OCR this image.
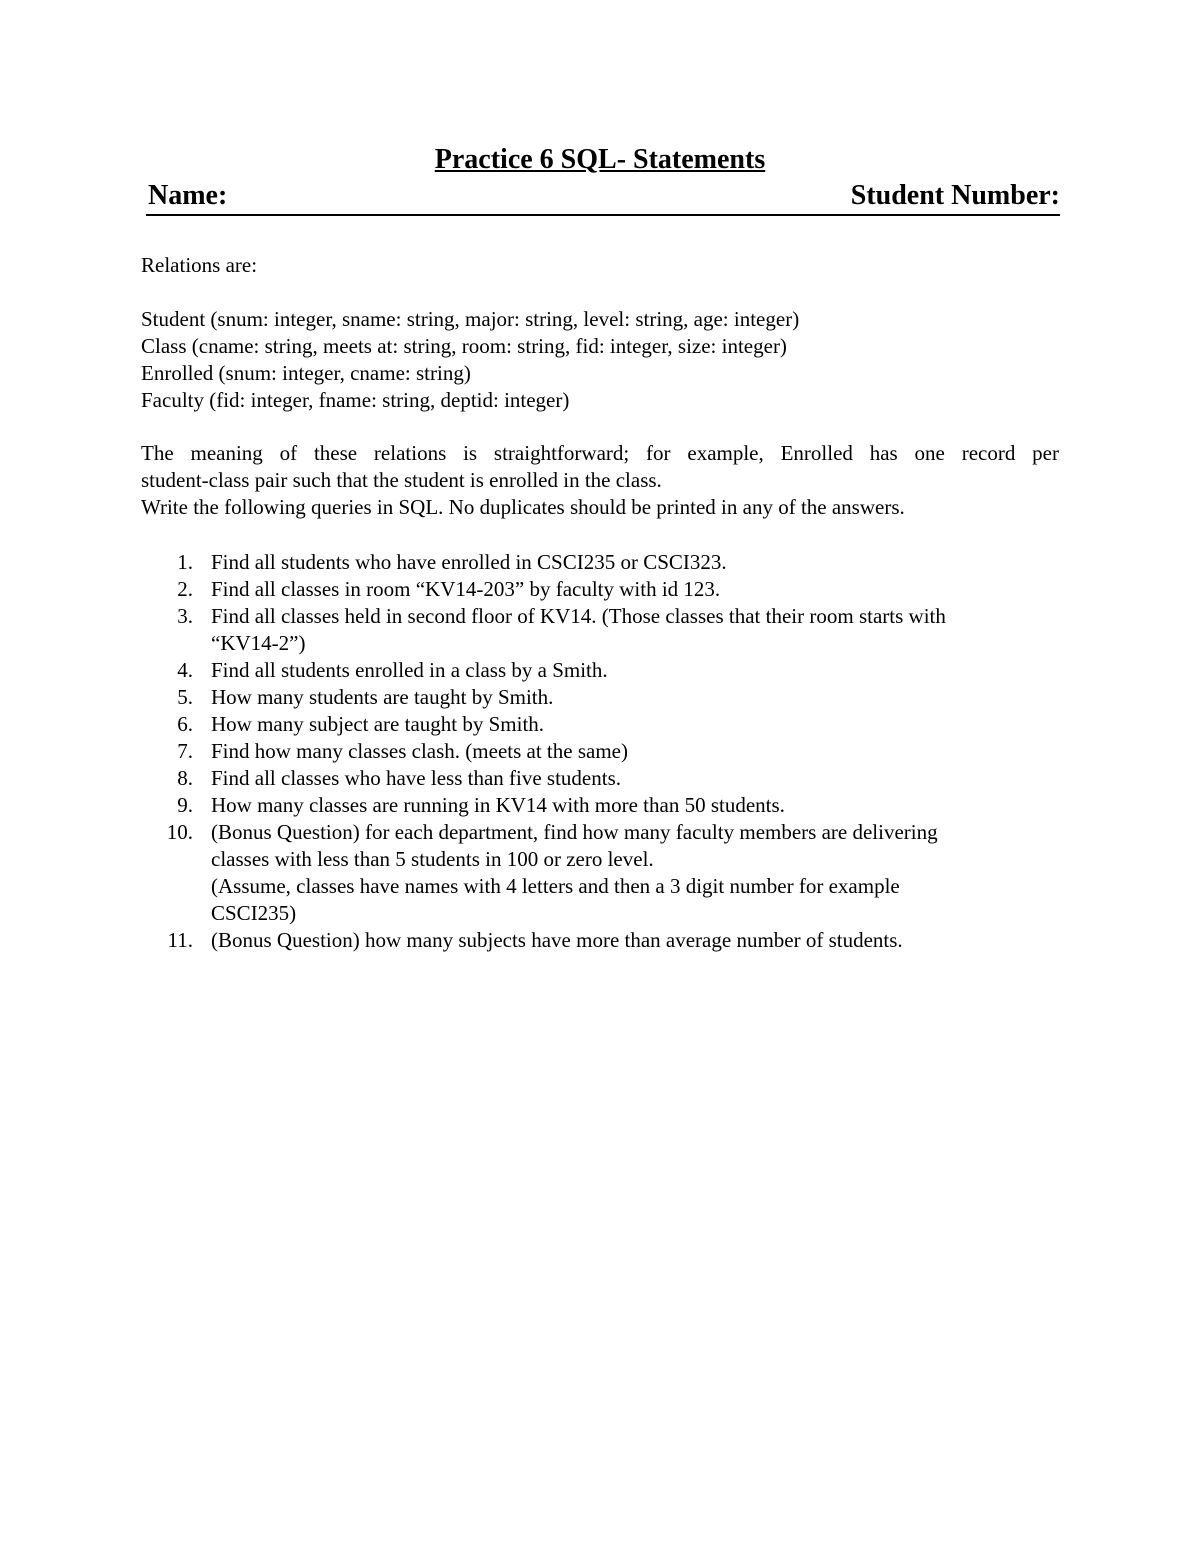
Practice 6 SQL- Statements
Name:	Student Number:
Relations are:
Student (snum: integer, sname: string, major: string, level: string, age: integer)
Class (cname: string, meets at: string, room: string, fid: integer, size: integer)
Enrolled (snum: integer, cname: string)
Faculty (fid: integer, fname: string, deptid: integer)
The meaning of these relations is straightforward; for example, Enrolled has one record per
student-class pair such that the student is enrolled in the class.
Write the following queries in SQL. No duplicates should be printed in any of the answers.
1. Find all students who have enrolled in CSCI235 or CSCI323.
2. Find all classes in room “KV14-203” by faculty with id 123.
3. Find all classes held in second floor of KV14. (Those classes that their room starts with
“KV14-2”)
4. Find all students enrolled in a class by a Smith.
5. How many students are taught by Smith.
6. How many subject are taught by Smith.
7. Find how many classes clash. (meets at the same)
8. Find all classes who have less than five students.
9. How many classes are running in KV14 with more than 50 students.
10. (Bonus Question) for each department, find how many faculty members are delivering
classes with less than 5 students in 100 or zero level.
(Assume, classes have names with 4 letters and then a 3 digit number for example
CSCI235)
11. (Bonus Question) how many subjects have more than average number of students.
